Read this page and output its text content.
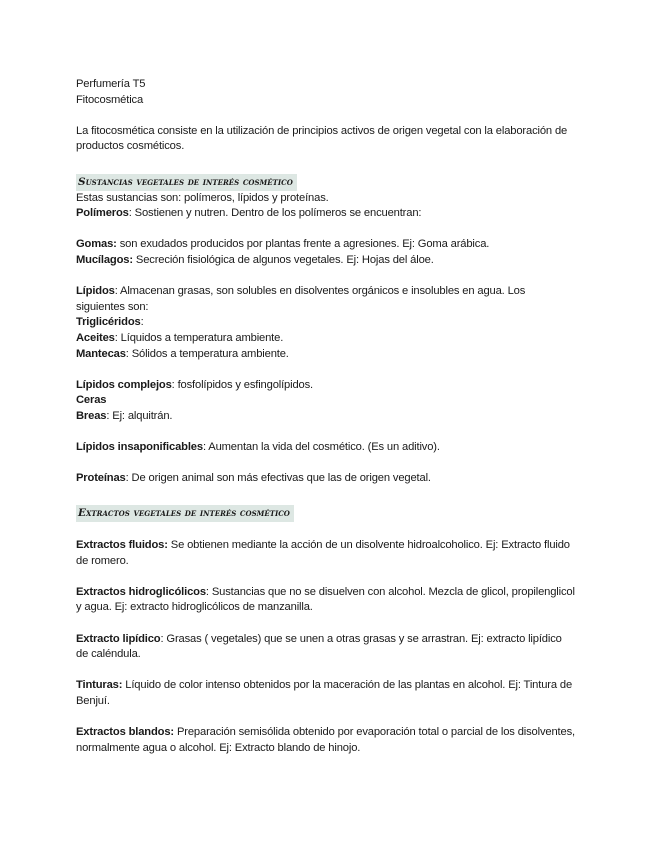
Perfumería T5

Fitocosmética

La fitocosmética consiste en la utilización de principios activos de origen vegetal con la elaboración de productos cosméticos.

Sustancias vegetales de interés cosmético

Estas sustancias son: polímeros, lípidos y proteínas.

Polímeros: Sostienen y nutren. Dentro de los polímeros se encuentran:

Gomas: son exudados producidos por plantas frente a agresiones. Ej: Goma arábica.

Mucílagos: Secreción fisiológica de algunos vegetales. Ej: Hojas del áloe.

Lípidos: Almacenan grasas, son solubles en disolventes orgánicos e insolubles en agua. Los siguientes son:

Triglicéridos:

Aceites: Líquidos a temperatura ambiente.

Mantecas: Sólidos a temperatura ambiente.

Lípidos complejos: fosfolípidos y esfingolípidos.

Ceras

Breas: Ej: alquitrán.

Lípidos insaponificables: Aumentan la vida del cosmético. (Es un aditivo).

Proteínas: De origen animal son más efectivas que las de origen vegetal.

Extractos vegetales de interés cosmético

Extractos fluidos: Se obtienen mediante la acción de un disolvente hidroalcoholico. Ej: Extracto fluido de romero.

Extractos hidroglicólicos: Sustancias que no se disuelven con alcohol. Mezcla de glicol, propilenglicol y agua. Ej: extracto hidroglicólicos de manzanilla.

Extracto lipídico: Grasas ( vegetales) que se unen a otras grasas y se arrastran. Ej: extracto lipídico de caléndula.

Tinturas: Líquido de color intenso obtenidos por la maceración de las plantas en alcohol. Ej: Tintura de Benjuí.

Extractos blandos: Preparación semisólida obtenido por evaporación total o parcial de los disolventes, normalmente agua o alcohol. Ej: Extracto blando de hinojo.
